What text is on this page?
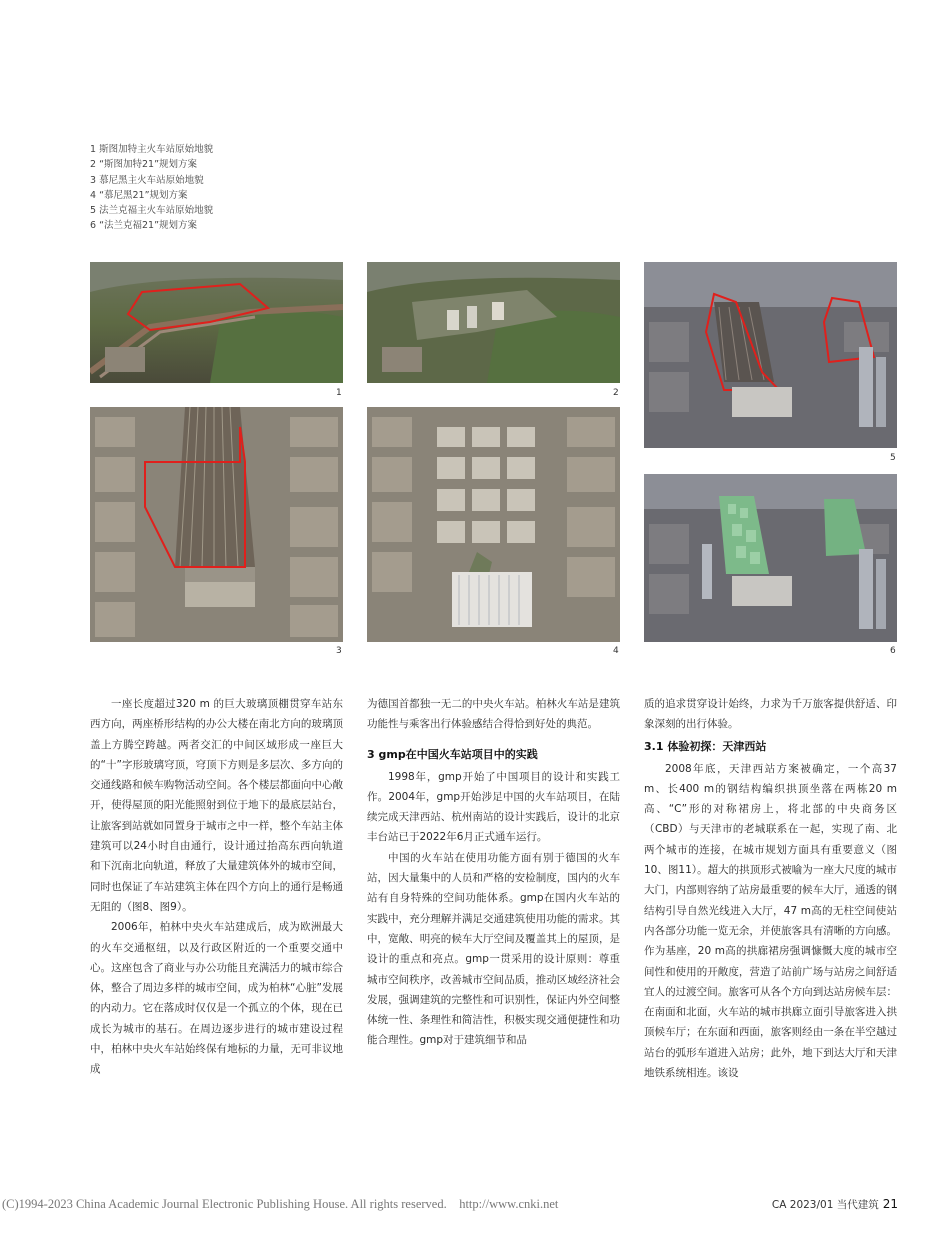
1 斯图加特主火车站原始地貌
2 “斯图加特21”规划方案
3 慕尼黑主火车站原始地貌
4 “慕尼黑21”规划方案
5 法兰克福主火车站原始地貌
6 “法兰克福21”规划方案
1	2
3	4
5
6

一座长度超过320 m 的巨大玻璃顶棚贯穿车站东西方向，两座桥形结构的办公大楼在南北方向的玻璃顶盖上方腾空跨越。两者交汇的中间区域形成一座巨大的“十”字形玻璃穹顶，穹顶下方则是多层次、多方向的交通线路和候车购物活动空间。各个楼层都面向中心敞开，使得屋顶的阳光能照射到位于地下的最底层站台，让旅客到站就如同置身于城市之中一样，整个车站主体建筑可以24小时自由通行，设计通过抬高东西向轨道和下沉南北向轨道，释放了大量建筑体外的城市空间，同时也保证了车站建筑主体在四个方向上的通行是畅通无阻的（图8、图9）。

2006年，柏林中央火车站建成后，成为欧洲最大的火车交通枢纽，以及行政区附近的一个重要交通中心。这座包含了商业与办公功能且充满活力的城市综合体，整合了周边多样的城市空间，成为柏林“心脏”发展的内动力。它在落成时仅仅是一个孤立的个体，现在已成长为城市的基石。在周边逐步进行的城市建设过程中，柏林中央火车站始终保有地标的力量，无可非议地成

为德国首都独一无二的中央火车站。柏林火车站是建筑功能性与乘客出行体验感结合得恰到好处的典范。

3 gmp在中国火车站项目中的实践

1998年，gmp开始了中国项目的设计和实践工作。2004年，gmp开始涉足中国的火车站项目，在陆续完成天津西站、杭州南站的设计实践后，设计的北京丰台站已于2022年6月正式通车运行。

中国的火车站在使用功能方面有别于德国的火车站，因大量集中的人员和严格的安检制度，国内的火车站有自身特殊的空间功能体系。gmp在国内火车站的实践中，充分理解并满足交通建筑使用功能的需求。其中，宽敞、明亮的候车大厅空间及覆盖其上的屋顶，是设计的重点和亮点。gmp一贯采用的设计原则：尊重城市空间秩序，改善城市空间品质，推动区域经济社会发展，强调建筑的完整性和可识别性，保证内外空间整体统一性、条理性和简洁性，积极实现交通便捷性和功能合理性。gmp对于建筑细节和品

质的追求贯穿设计始终，力求为千万旅客提供舒适、印象深刻的出行体验。

3.1 体验初探：天津西站

2008年底，天津西站方案被确定，一个高37 m、长400 m的钢结构编织拱顶坐落在两栋20 m高、“C”形的对称裙房上，将北部的中央商务区（CBD）与天津市的老城联系在一起，实现了南、北两个城市的连接，在城市规划方面具有重要意义（图10、图11）。超大的拱顶形式被喻为一座大尺度的城市大门，内部则容纳了站房最重要的候车大厅，通透的钢结构引导自然光线进入大厅，47 m高的无柱空间使站内各部分功能一览无余，并使旅客具有清晰的方向感。作为基座，20 m高的拱廊裙房强调慷慨大度的城市空间性和使用的开敞度，营造了站前广场与站房之间舒适宜人的过渡空间。旅客可从各个方向到达站房候车层：在南面和北面，火车站的城市拱廊立面引导旅客进入拱顶候车厅；在东面和西面，旅客则经由一条在半空越过站台的弧形车道进入站房；此外，地下到达大厅和天津地铁系统相连。该设

(C)1994-2023 China Academic Journal Electronic Publishing House. All rights reserved.    http://www.cnki.net	CA 2023/01 当代建筑 21
